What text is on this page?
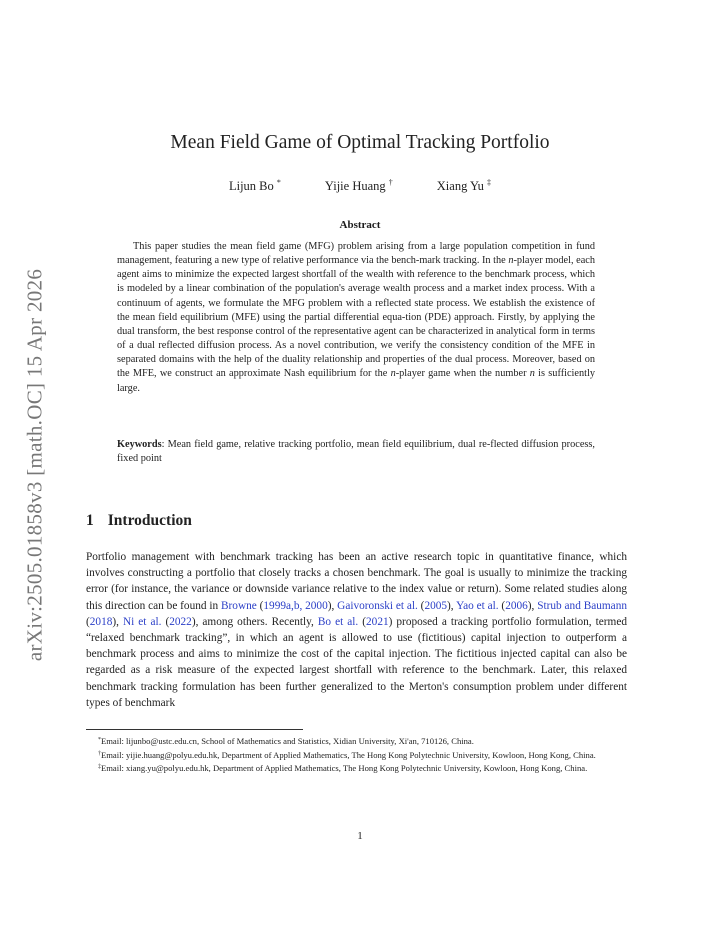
arXiv:2505.01858v3 [math.OC] 15 Apr 2026
Mean Field Game of Optimal Tracking Portfolio
Lijun Bo *	Yijie Huang †	Xiang Yu ‡
Abstract
This paper studies the mean field game (MFG) problem arising from a large population competition in fund management, featuring a new type of relative performance via the bench-mark tracking. In the n-player model, each agent aims to minimize the expected largest shortfall of the wealth with reference to the benchmark process, which is modeled by a linear combination of the population's average wealth process and a market index process. With a continuum of agents, we formulate the MFG problem with a reflected state process. We establish the existence of the mean field equilibrium (MFE) using the partial differential equa-tion (PDE) approach. Firstly, by applying the dual transform, the best response control of the representative agent can be characterized in analytical form in terms of a dual reflected diffusion process. As a novel contribution, we verify the consistency condition of the MFE in separated domains with the help of the duality relationship and properties of the dual process. Moreover, based on the MFE, we construct an approximate Nash equilibrium for the n-player game when the number n is sufficiently large.
Keywords: Mean field game, relative tracking portfolio, mean field equilibrium, dual re-flected diffusion process, fixed point
1 Introduction
Portfolio management with benchmark tracking has been an active research topic in quantitative finance, which involves constructing a portfolio that closely tracks a chosen benchmark. The goal is usually to minimize the tracking error (for instance, the variance or downside variance relative to the index value or return). Some related studies along this direction can be found in Browne (1999a,b, 2000), Gaivoronski et al. (2005), Yao et al. (2006), Strub and Baumann (2018), Ni et al. (2022), among others. Recently, Bo et al. (2021) proposed a tracking portfolio formulation, termed “relaxed benchmark tracking”, in which an agent is allowed to use (fictitious) capital injection to outperform a benchmark process and aims to minimize the cost of the capital injection. The fictitious injected capital can also be regarded as a risk measure of the expected largest shortfall with reference to the benchmark. Later, this relaxed benchmark tracking formulation has been further generalized to the Merton's consumption problem under different types of benchmark

*Email: lijunbo@ustc.edu.cn, School of Mathematics and Statistics, Xidian University, Xi'an, 710126, China.

†Email: yijie.huang@polyu.edu.hk, Department of Applied Mathematics, The Hong Kong Polytechnic University, Kowloon, Hong Kong, China.

‡Email: xiang.yu@polyu.edu.hk, Department of Applied Mathematics, The Hong Kong Polytechnic University, Kowloon, Hong Kong, China.

1
